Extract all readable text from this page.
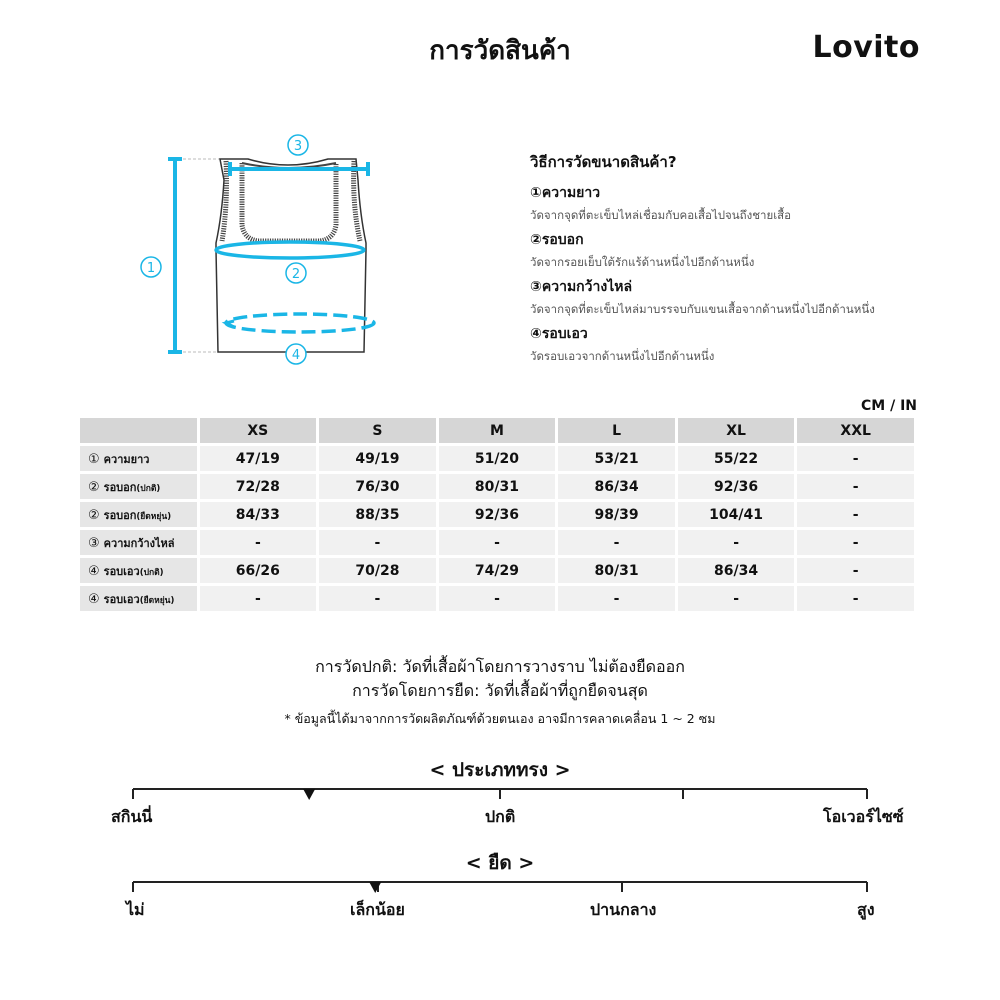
การวัดสินค้า	Lovito
3
1	2
4
วิธีการวัดขนาดสินค้า?
①ความยาว
วัดจากจุดที่ตะเข็บไหล่เชื่อมกับคอเสื้อไปจนถึงชายเสื้อ
②รอบอก
วัดจากรอยเย็บใต้รักแร้ด้านหนึ่งไปอีกด้านหนึ่ง
③ความกว้างไหล่
วัดจากจุดที่ตะเข็บไหล่มาบรรจบกับแขนเสื้อจากด้านหนึ่งไปอีกด้านหนึ่ง
④รอบเอว
วัดรอบเอวจากด้านหนึ่งไปอีกด้านหนึ่ง
CM / IN
	XS	S	M	L	XL	XXL
① ความยาว	47/19	49/19	51/20	53/21	55/22	-
② รอบอก(ปกติ)	72/28	76/30	80/31	86/34	92/36	-
② รอบอก(ยืดหยุ่น)	84/33	88/35	92/36	98/39	104/41	-
③ ความกว้างไหล่	-	-	-	-	-	-
④ รอบเอว(ปกติ)	66/26	70/28	74/29	80/31	86/34	-
④ รอบเอว(ยืดหยุ่น)	-	-	-	-	-	-
การวัดปกติ: วัดที่เสื้อผ้าโดยการวางราบ ไม่ต้องยืดออก
การวัดโดยการยืด: วัดที่เสื้อผ้าที่ถูกยืดจนสุด
* ข้อมูลนี้ได้มาจากการวัดผลิตภัณฑ์ด้วยตนเอง อาจมีการคลาดเคลื่อน 1 ~ 2 ซม
< ประเภททรง >
สกินนี่	ปกติ	โอเวอร์ไซซ์
< ยืด >
ไม่	เล็กน้อย	ปานกลาง	สูง
